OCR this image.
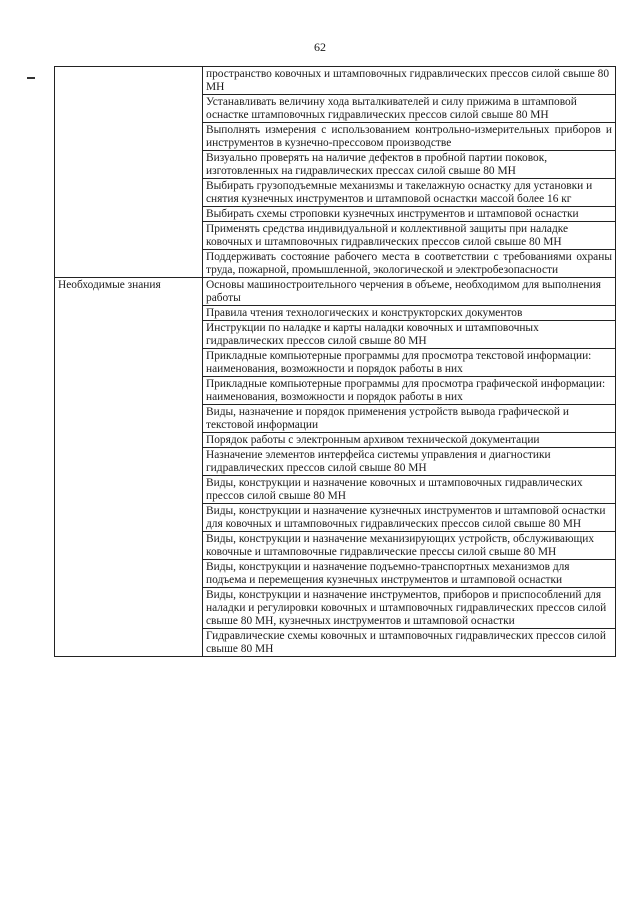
62
	пространство ковочных и штамповочных гидравлических прессов силой свыше 80 МН
	Устанавливать величину хода выталкивателей и силу прижима в штамповой оснастке штамповочных гидравлических прессов силой свыше 80 МН
	Выполнять измерения с использованием контрольно-измерительных приборов и инструментов в кузнечно-прессовом производстве
	Визуально проверять на наличие дефектов в пробной партии поковок, изготовленных на гидравлических прессах силой свыше 80 МН
	Выбирать грузоподъемные механизмы и такелажную оснастку для установки и снятия кузнечных инструментов и штамповой оснастки массой более 16 кг
	Выбирать схемы строповки кузнечных инструментов и штамповой оснастки
	Применять средства индивидуальной и коллективной защиты при наладке ковочных и штамповочных гидравлических прессов силой свыше 80 МН
	Поддерживать состояние рабочего места в соответствии с требованиями охраны труда, пожарной, промышленной, экологической и электробезопасности
Необходимые знания	Основы машиностроительного черчения в объеме, необходимом для выполнения работы
	Правила чтения технологических и конструкторских документов
	Инструкции по наладке и карты наладки ковочных и штамповочных гидравлических прессов силой свыше 80 МН
	Прикладные компьютерные программы для просмотра текстовой информации: наименования, возможности и порядок работы в них
	Прикладные компьютерные программы для просмотра графической информации: наименования, возможности и порядок работы в них
	Виды, назначение и порядок применения устройств вывода графической и текстовой информации
	Порядок работы с электронным архивом технической документации
	Назначение элементов интерфейса системы управления и диагностики гидравлических прессов силой свыше 80 МН
	Виды, конструкции и назначение ковочных и штамповочных гидравлических прессов силой свыше 80 МН
	Виды, конструкции и назначение кузнечных инструментов и штамповой оснастки для ковочных и штамповочных гидравлических прессов силой свыше 80 МН
	Виды, конструкции и назначение механизирующих устройств, обслуживающих ковочные и штамповочные гидравлические прессы силой свыше 80 МН
	Виды, конструкции и назначение подъемно-транспортных механизмов для подъема и перемещения кузнечных инструментов и штамповой оснастки
	Виды, конструкции и назначение инструментов, приборов и приспособлений для наладки и регулировки ковочных и штамповочных гидравлических прессов силой свыше 80 МН, кузнечных инструментов и штамповой оснастки
	Гидравлические схемы ковочных и штамповочных гидравлических прессов силой свыше 80 МН
